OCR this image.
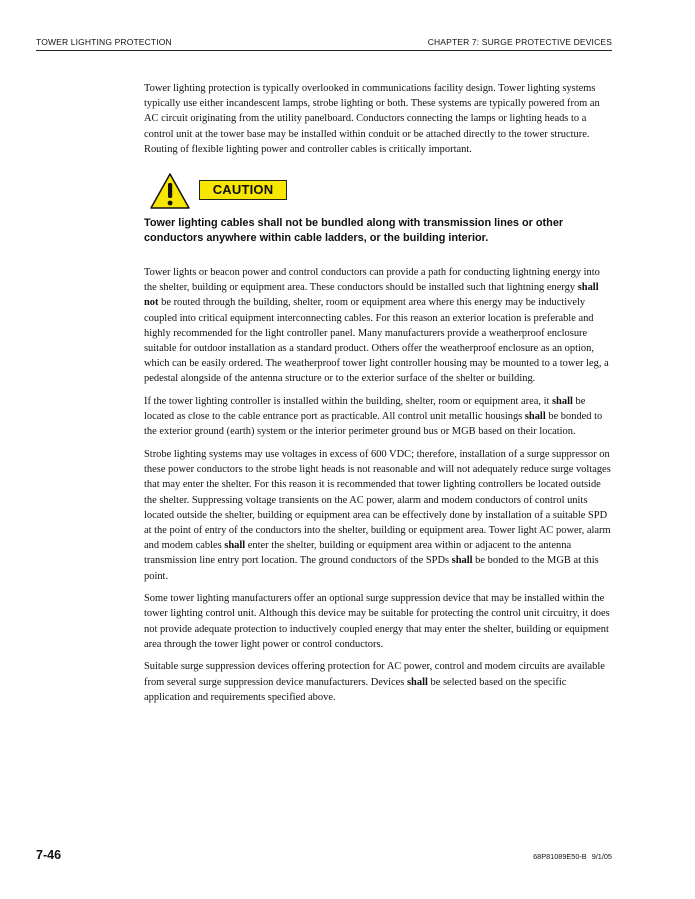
TOWER LIGHTING PROTECTION	CHAPTER 7: SURGE PROTECTIVE DEVICES

Tower lighting protection is typically overlooked in communications facility design. Tower lighting systems typically use either incandescent lamps, strobe lighting or both. These systems are typically powered from an AC circuit originating from the utility panelboard. Conductors connecting the lamps or lighting heads to a control unit at the tower base may be installed within conduit or be attached directly to the tower structure. Routing of flexible lighting power and controller cables is critically important.

CAUTION
Tower lighting cables shall not be bundled along with transmission lines or other conductors anywhere within cable ladders, or the building interior.

Tower lights or beacon power and control conductors can provide a path for conducting lightning energy into the shelter, building or equipment area. These conductors should be installed such that lightning energy shall not be routed through the building, shelter, room or equipment area where this energy may be inductively coupled into critical equipment interconnecting cables. For this reason an exterior location is preferable and highly recommended for the light controller panel. Many manufacturers provide a weatherproof enclosure suitable for outdoor installation as a standard product. Others offer the weatherproof enclosure as an option, which can be easily ordered. The weatherproof tower light controller housing may be mounted to a tower leg, a pedestal alongside of the antenna structure or to the exterior surface of the shelter or building.

If the tower lighting controller is installed within the building, shelter, room or equipment area, it shall be located as close to the cable entrance port as practicable. All control unit metallic housings shall be bonded to the exterior ground (earth) system or the interior perimeter ground bus or MGB based on their location.

Strobe lighting systems may use voltages in excess of 600 VDC; therefore, installation of a surge suppressor on these power conductors to the strobe light heads is not reasonable and will not adequately reduce surge voltages that may enter the shelter. For this reason it is recommended that tower lighting controllers be located outside the shelter. Suppressing voltage transients on the AC power, alarm and modem conductors of control units located outside the shelter, building or equipment area can be effectively done by installation of a suitable SPD at the point of entry of the conductors into the shelter, building or equipment area. Tower light AC power, alarm and modem cables shall enter the shelter, building or equipment area within or adjacent to the antenna transmission line entry port location. The ground conductors of the SPDs shall be bonded to the MGB at this point.

Some tower lighting manufacturers offer an optional surge suppression device that may be installed within the tower lighting control unit. Although this device may be suitable for protecting the control unit circuitry, it does not provide adequate protection to inductively coupled energy that may enter the shelter, building or equipment area through the tower light power or control conductors.

Suitable surge suppression devices offering protection for AC power, control and modem circuits are available from several surge suppression device manufacturers. Devices shall be selected based on the specific application and requirements specified above.

7-46	68P81089E50-B 9/1/05
